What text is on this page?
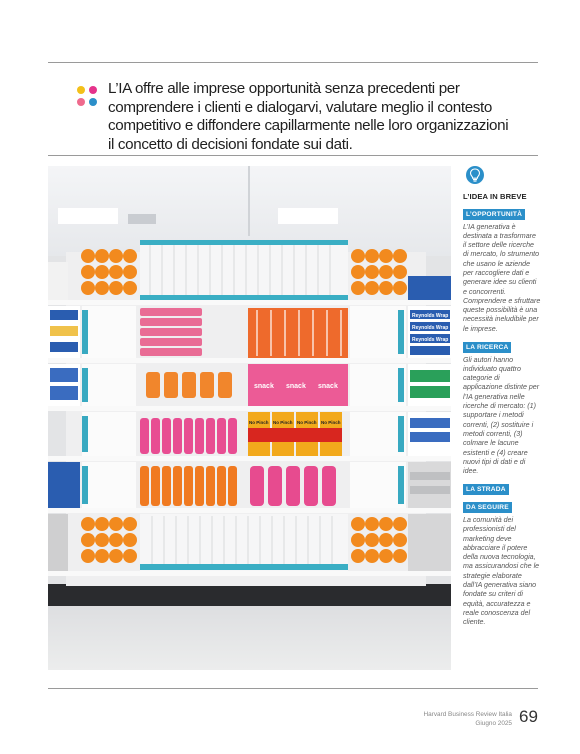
L’IA offre alle imprese opportunità senza precedenti per comprendere i clienti e dialogarvi, valutare meglio il contesto competitivo e diffondere capillarmente nelle loro organizzazioni il concetto di decisioni fondate sui dati.
snack snack snack
No Pinch No Pinch No Pinch No Pinch
Reynolds Wrap
Reynolds Wrap
Reynolds Wrap
L’IDEA IN BREVE
L’OPPORTUNITÀ
L’IA generativa è destinata a trasformare il settore delle ricerche di mercato, lo strumento che usano le aziende per raccogliere dati e generare idee su clienti e concorrenti. Comprendere e sfruttare queste possibilità è una necessità ineludibile per le imprese.
LA RICERCA
Gli autori hanno individuato quattro categorie di applicazione distinte per l’IA generativa nelle ricerche di mercato: (1) supportare i metodi correnti, (2) sostituire i metodi correnti, (3) colmare le lacune esistenti e (4) creare nuovi tipi di dati e di idee.
LA STRADA
DA SEGUIRE
La comunità dei professionisti del marketing deve abbracciare il potere della nuova tecnologia, ma assicurandosi che le strategie elaborate dall’IA generativa siano fondate su criteri di equità, accuratezza e reale conoscenza del cliente.
Harvard Business Review Italia
Giugno 2025 69
